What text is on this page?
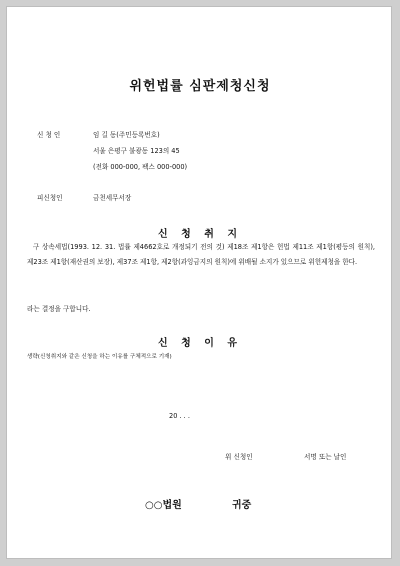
위헌법률 심판제청신청
신 청 인	임 길 동(주민등록번호)
서울 은평구 불광동 123의 45
(전화 000-000, 팩스 000-000)
피신청인	금천세무서장
신 청 취 지
구 상속세법(1993. 12. 31. 법률 제4662호로 개정되기 전의 것) 제18조 제1항은 헌법 제11조 제1항(평등의 원칙), 제23조 제1항(재산권의 보장), 제37조 제1항, 제2항(과잉금지의 원칙)에 위배될 소지가 있으므로 위헌제청을 한다.
라는 결정을 구합니다.
신 청 이 유
생략(신청취지와 같은 신청을 하는 이유를 구체적으로 기재)
20 . . .
위 신청인	서명 또는 날인
○○법원	귀중
